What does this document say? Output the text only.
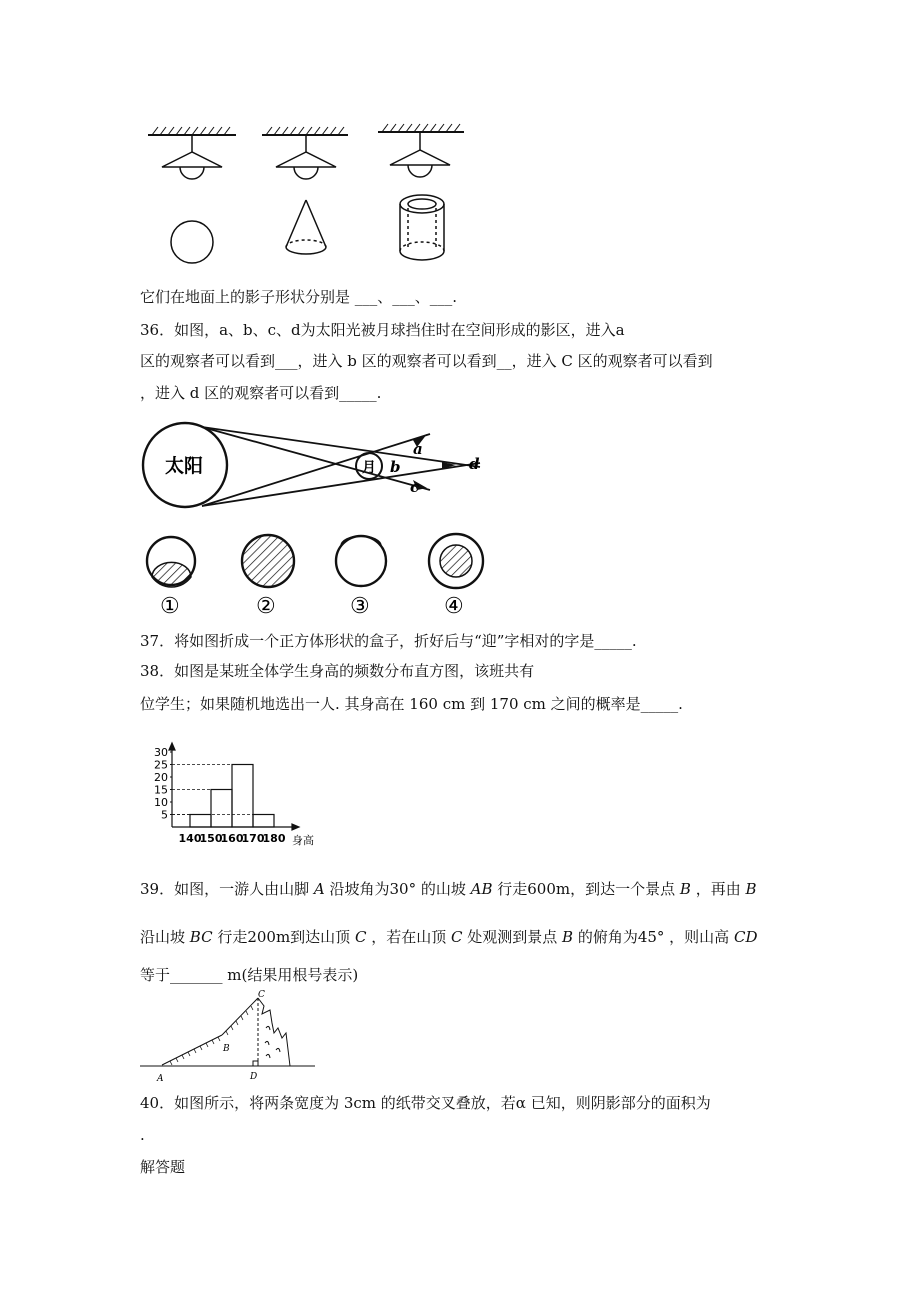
它们在地面上的影子形状分别是 ___、___、___.
36．如图，a、b、c、d为太阳光被月球挡住时在空间形成的影区，进入a
区的观察者可以看到___，进入 b 区的观察者可以看到__，进入 C 区的观察者可以看到
，进入 d 区的观察者可以看到_____.
太阳	月
a
b
c
d
①	②	③	④
37．将如图折成一个正方体形状的盒子，折好后与“迎”字相对的字是_____.
38．如图是某班全体学生身高的频数分布直方图，该班共有
位学生；如果随机地选出一人. 其身高在 160 cm 到 170 cm 之间的概率是_____.
5
10
15
20
25
30
140
150
160
170
180 身高
39．如图，一游人由山脚 A 沿坡角为30° 的山坡 AB 行走600m，到达一个景点 B ，再由 B
沿山坡 BC 行走200m到达山顶 C ，若在山顶 C 处观测到景点 B 的俯角为45° ，则山高 CD
等于_______ m(结果用根号表示)
A
B
C
D
40．如图所示，将两条宽度为 3cm 的纸带交叉叠放，若α 已知，则阴影部分的面积为
.
解答题
